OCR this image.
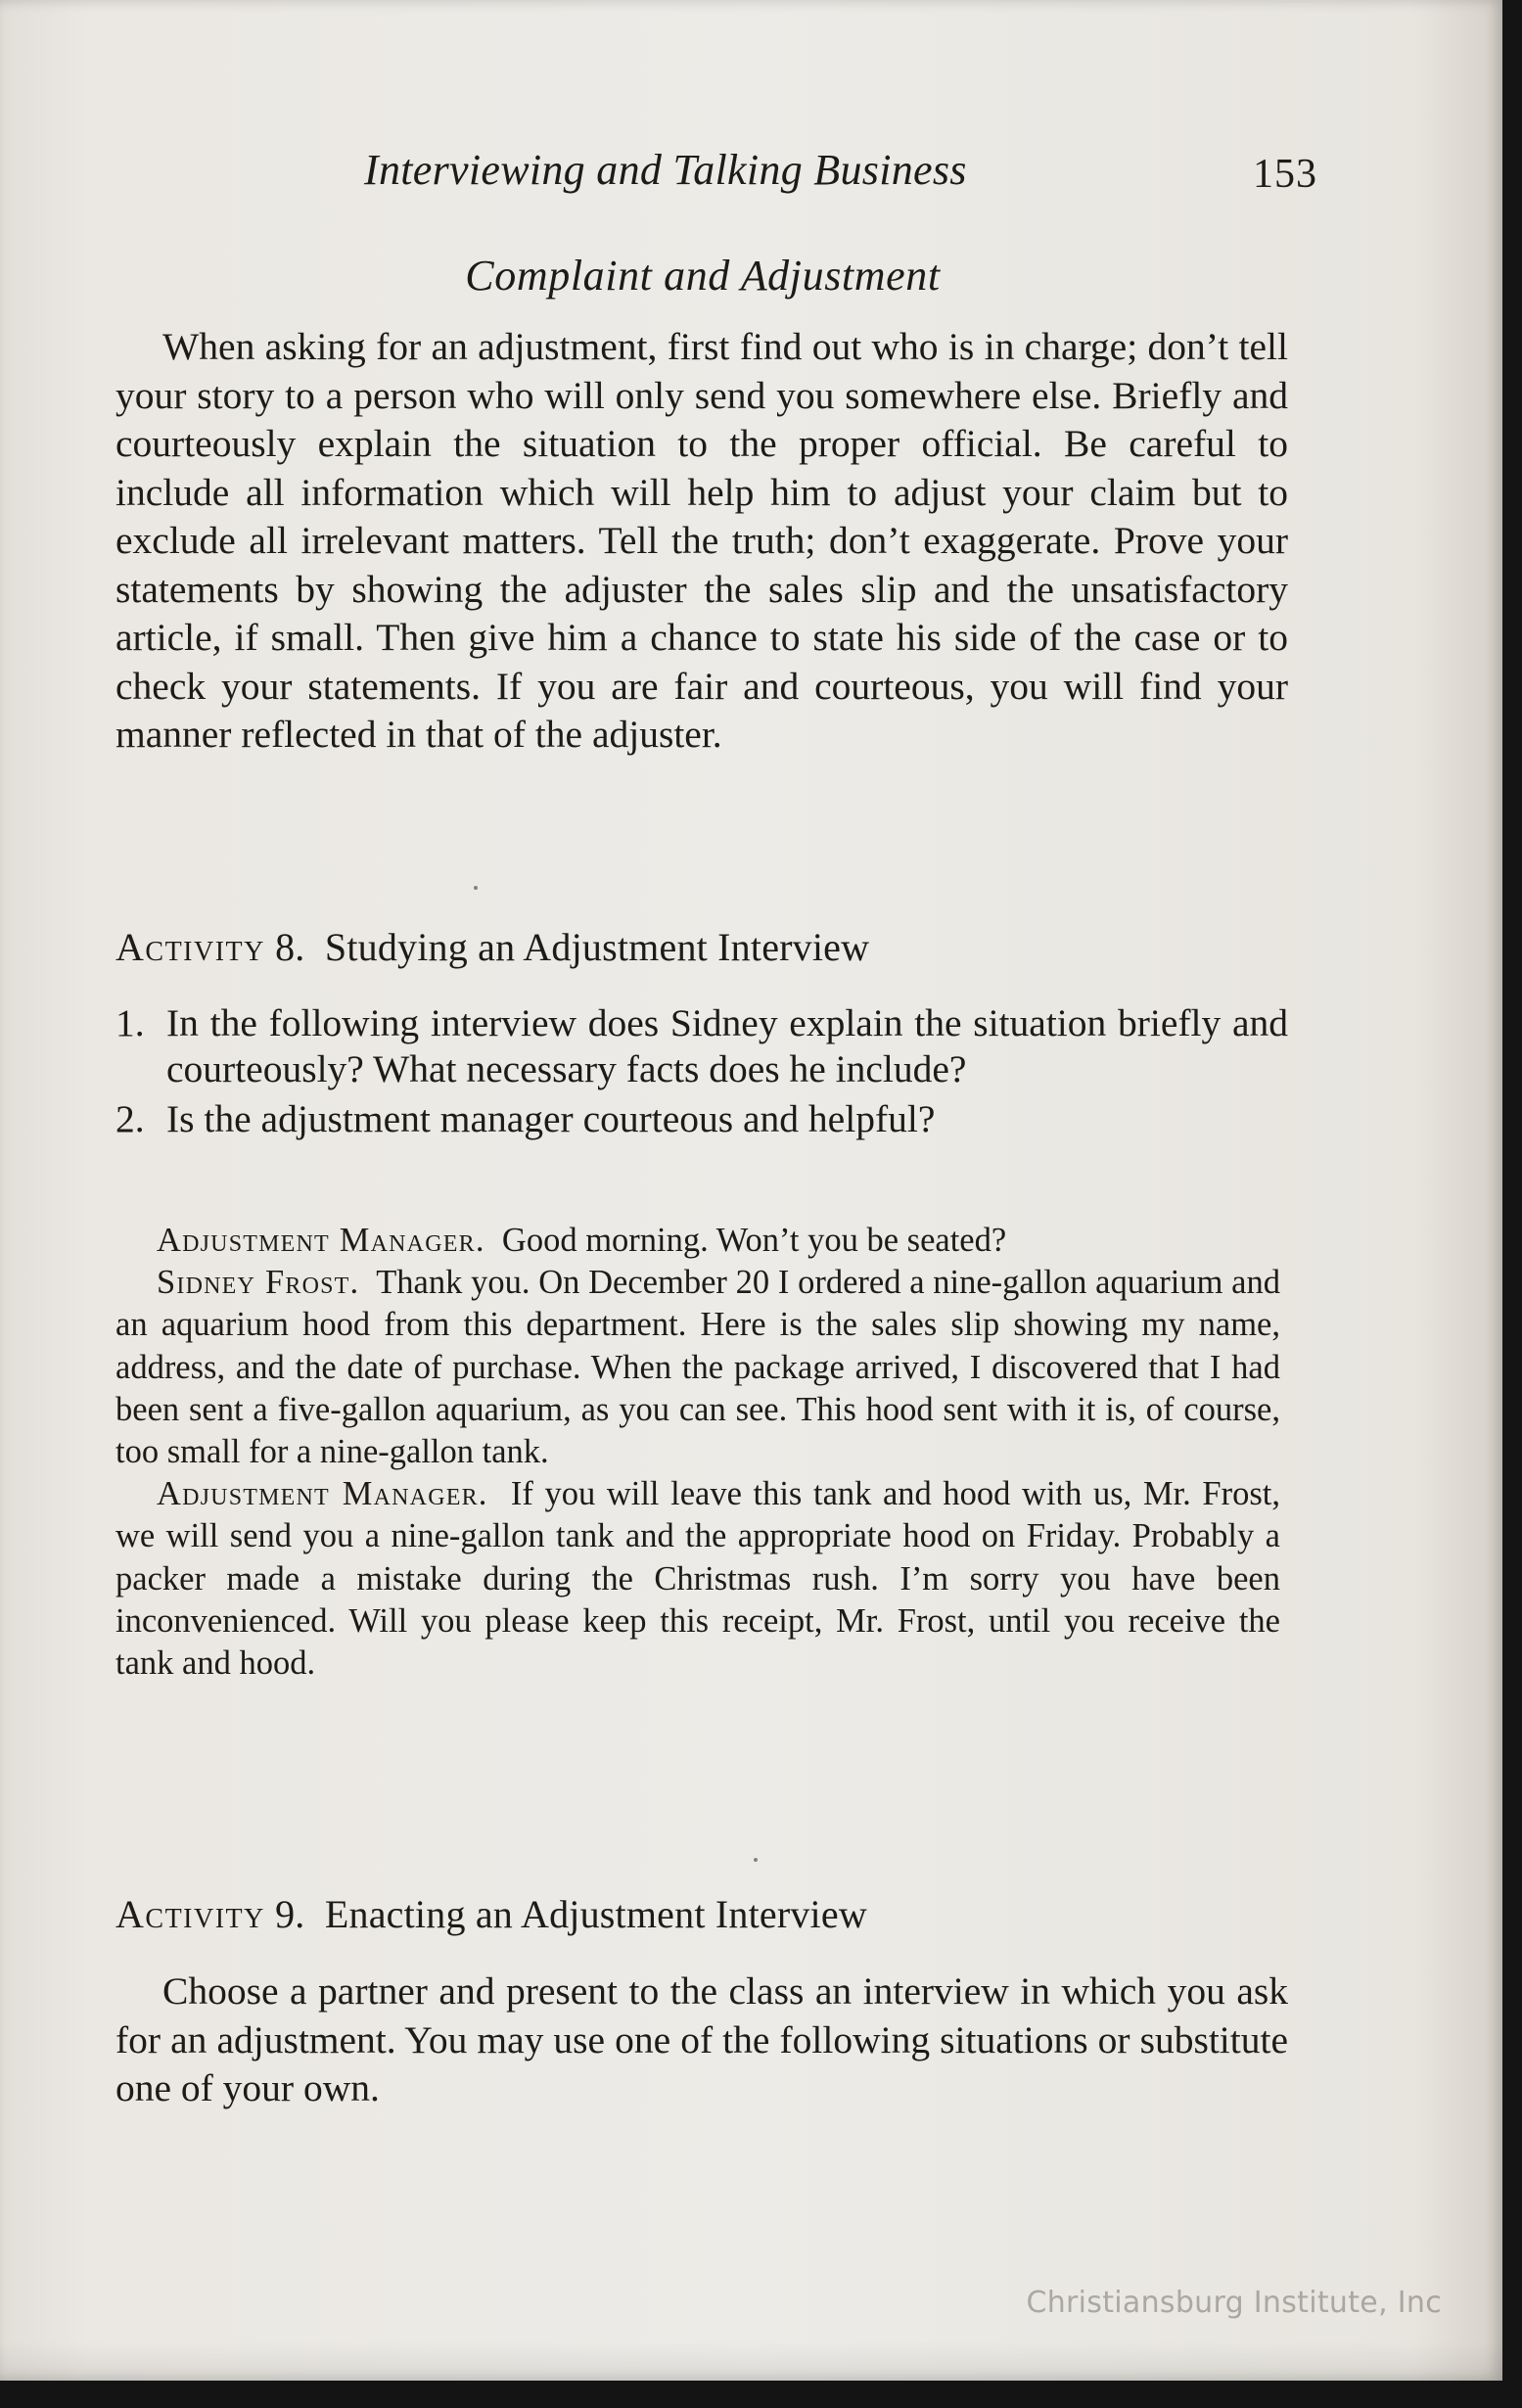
Interviewing and Talking Business	153
Complaint and Adjustment

When asking for an adjustment, first find out who is in charge; don’t tell your story to a person who will only send you somewhere else. Briefly and courteously explain the situation to the proper official. Be careful to include all information which will help him to adjust your claim but to exclude all irrelevant matters. Tell the truth; don’t exaggerate. Prove your statements by showing the adjuster the sales slip and the unsatisfactory article, if small. Then give him a chance to state his side of the case or to check your statements. If you are fair and courteous, you will find your manner reflected in that of the adjuster.

Activity 8. Studying an Adjustment Interview
1. In the following interview does Sidney explain the situation briefly and courteously? What necessary facts does he include?
2. Is the adjustment manager courteous and helpful?

Adjustment Manager. Good morning. Won’t you be seated?

Sidney Frost. Thank you. On December 20 I ordered a nine-gallon aquarium and an aquarium hood from this department. Here is the sales slip showing my name, address, and the date of purchase. When the package arrived, I discovered that I had been sent a five-gallon aquarium, as you can see. This hood sent with it is, of course, too small for a nine-gallon tank.

Adjustment Manager. If you will leave this tank and hood with us, Mr. Frost, we will send you a nine-gallon tank and the appropriate hood on Friday. Probably a packer made a mistake during the Christmas rush. I’m sorry you have been inconvenienced. Will you please keep this receipt, Mr. Frost, until you receive the tank and hood.

Activity 9. Enacting an Adjustment Interview

Choose a partner and present to the class an interview in which you ask for an adjustment. You may use one of the following situations or substitute one of your own.

Christiansburg Institute, Inc
